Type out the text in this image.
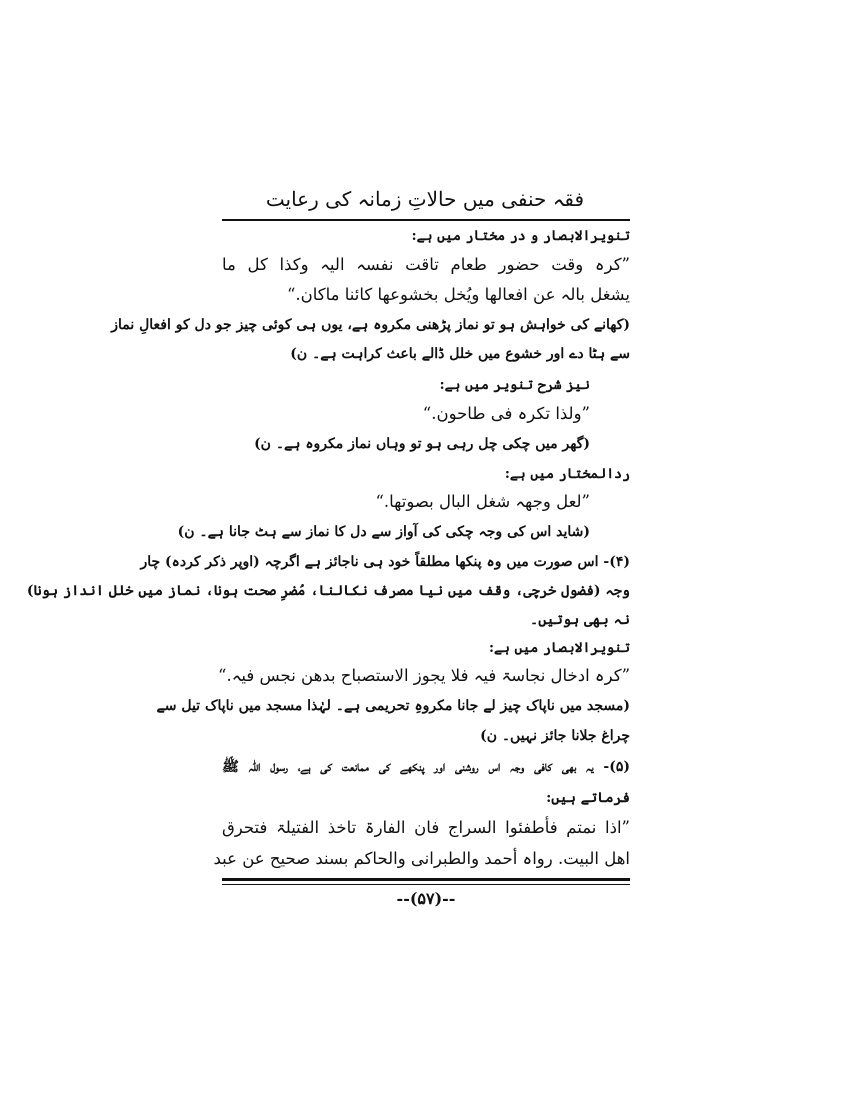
فقہ حنفی میں حالاتِ زمانہ کی رعایت
تنویرالابصار و در مختار میں ہے:
”کرہ وقت حضور طعام تاقت نفسہ الیہ وکذا کل ما
یشغل بالہ عن افعالھا ویُخل بخشوعھا کائنا ماکان.“
(کھانے کی خواہش ہو تو نماز پڑھنی مکروہ ہے، یوں ہی کوئی چیز جو دل کو افعالِ نماز
سے ہٹا دے اور خشوع میں خلل ڈالے باعث کراہت ہے۔ ن)
نیز شرح تنویر میں ہے:
”ولذا تکرہ فی طاحون.“
(گھر میں چکی چل رہی ہو تو وہاں نماز مکروہ ہے۔ ن)
ردالمختار میں ہے:
”لعل وجھہ شغل البال بصوتھا.“
(شاید اس کی وجہ چکی کی آواز سے دل کا نماز سے ہٹ جانا ہے۔ ن)
(۴)- اس صورت میں وہ پنکھا مطلقاً خود ہی ناجائز ہے اگرچہ (اوپر ذکر کردہ) چار
وجہ (فضول خرچی، وقف میں نیا مصرف نکالنا، مُضرِ صحت ہونا، نماز میں خلل انداز ہونا)
نہ بھی ہوتیں۔
تنویرالابصار میں ہے:
”کرہ ادخال نجاسۃ فیہ فلا یجوز الاستصباح بدھن نجس فیہ.“
(مسجد میں ناپاک چیز لے جانا مکروہِ تحریمی ہے۔ لہٰذا مسجد میں ناپاک تیل سے
چراغ جلانا جائز نہیں۔ ن)
(۵)- یہ بھی کافی وجہ اس روشنی اور پنکھے کی ممانعت کی ہے، رسول اللہ ﷺ
فرماتے ہیں:
”اذا نمتم فأطفئوا السراج فان الفارۃ تاخذ الفتیلۃ فتحرق
اھل البیت. رواہ أحمد والطبرانی والحاکم بسند صحیح عن عبد
--(۵۷)--
